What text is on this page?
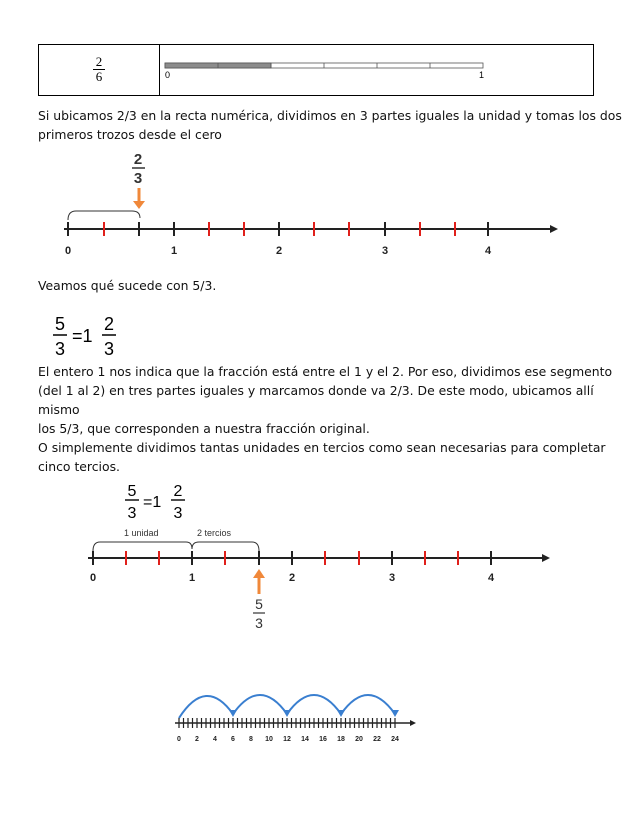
$\frac{2}{6}$	0	1
Si ubicamos 2/3 en la recta numérica, dividimos en 3 partes iguales la unidad y tomas los dos
primeros trozos desde el cero
2
3
0	1	2	3	4
Veamos qué sucede con 5/3.
5
3
=1
2
3
El entero 1 nos indica que la fracción está entre el 1 y el 2. Por eso, dividimos ese segmento
(del 1 al 2) en tres partes iguales y marcamos donde va 2/3. De este modo, ubicamos allí mismo
los 5/3, que corresponden a nuestra fracción original.
O simplemente dividimos tantas unidades en tercios como sean necesarias para completar
cinco tercios.
5
3
=1
2
3
1 unidad	2 tercios
0	1	2	3	4
5
3
0 2 4 6 8 10 12 14 16 18 20 22 24
